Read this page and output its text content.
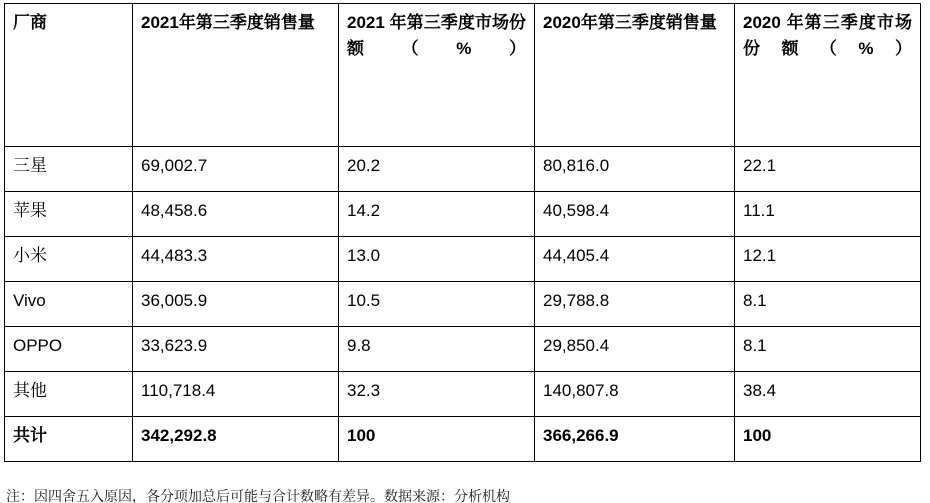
厂商	2021年第三季度销售量	2021 年第三季度市场份额（%）	2020年第三季度销售量	2020 年第三季度市场份额（%）
三星	69,002.7	20.2	80,816.0	22.1
苹果	48,458.6	14.2	40,598.4	11.1
小米	44,483.3	13.0	44,405.4	12.1
Vivo	36,005.9	10.5	29,788.8	8.1
OPPO	33,623.9	9.8	29,850.4	8.1
其他	110,718.4	32.3	140,807.8	38.4
共计	342,292.8	100	366,266.9	100
注：因四舍五入原因，各分项加总后可能与合计数略有差异。数据来源：分析机构
